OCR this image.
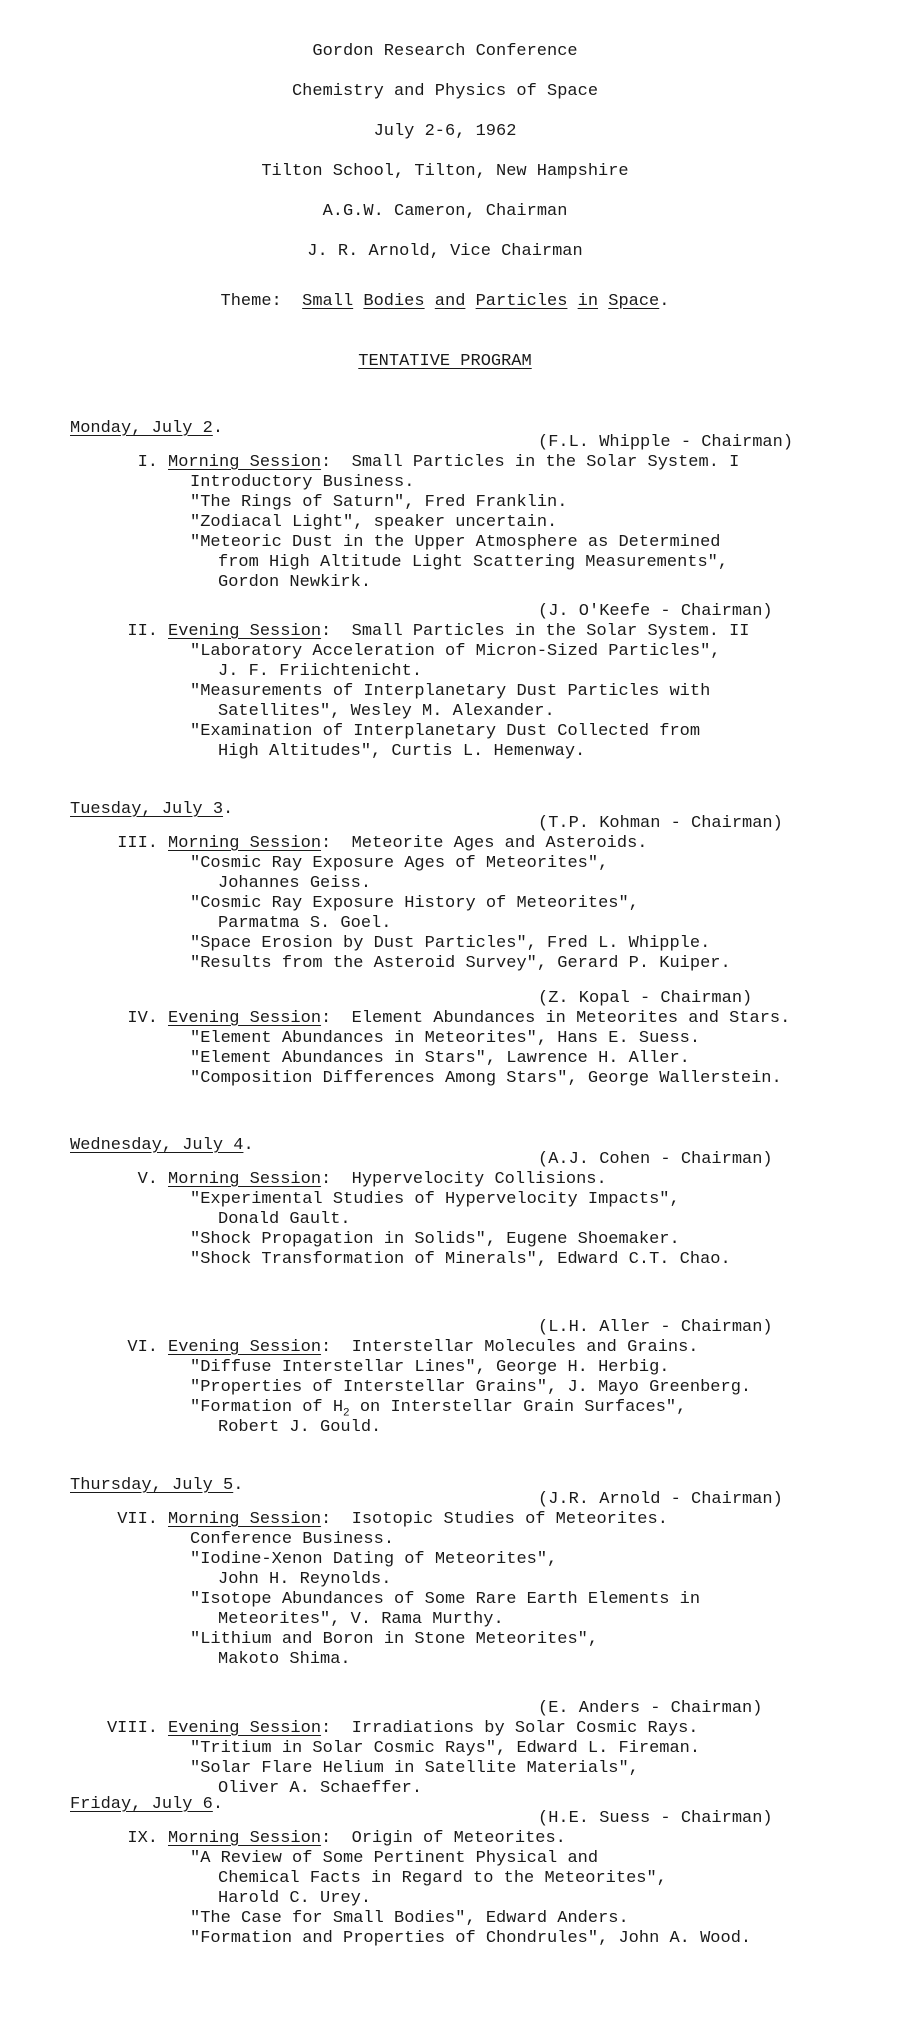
Gordon Research Conference
Chemistry and Physics of Space
July 2-6, 1962
Tilton School, Tilton, New Hampshire
A.G.W. Cameron, Chairman
J. R. Arnold, Vice Chairman
Theme: Small Bodies and Particles in Space.
TENTATIVE PROGRAM
Monday, July 2.
(F.L. Whipple - Chairman)
I. Morning Session: Small Particles in the Solar System. I
Introductory Business.
"The Rings of Saturn", Fred Franklin.
"Zodiacal Light", speaker uncertain.
"Meteoric Dust in the Upper Atmosphere as Determined
from High Altitude Light Scattering Measurements",
Gordon Newkirk.
(J. O'Keefe - Chairman)
II. Evening Session: Small Particles in the Solar System. II
"Laboratory Acceleration of Micron-Sized Particles",
J. F. Friichtenicht.
"Measurements of Interplanetary Dust Particles with
Satellites", Wesley M. Alexander.
"Examination of Interplanetary Dust Collected from
High Altitudes", Curtis L. Hemenway.
Tuesday, July 3.
(T.P. Kohman - Chairman)
III. Morning Session: Meteorite Ages and Asteroids.
"Cosmic Ray Exposure Ages of Meteorites",
Johannes Geiss.
"Cosmic Ray Exposure History of Meteorites",
Parmatma S. Goel.
"Space Erosion by Dust Particles", Fred L. Whipple.
"Results from the Asteroid Survey", Gerard P. Kuiper.
(Z. Kopal - Chairman)
IV. Evening Session: Element Abundances in Meteorites and Stars.
"Element Abundances in Meteorites", Hans E. Suess.
"Element Abundances in Stars", Lawrence H. Aller.
"Composition Differences Among Stars", George Wallerstein.
Wednesday, July 4.
(A.J. Cohen - Chairman)
V. Morning Session: Hypervelocity Collisions.
"Experimental Studies of Hypervelocity Impacts",
Donald Gault.
"Shock Propagation in Solids", Eugene Shoemaker.
"Shock Transformation of Minerals", Edward C.T. Chao.
(L.H. Aller - Chairman)
VI. Evening Session: Interstellar Molecules and Grains.
"Diffuse Interstellar Lines", George H. Herbig.
"Properties of Interstellar Grains", J. Mayo Greenberg.
"Formation of $H_2$ on Interstellar Grain Surfaces",
Robert J. Gould.
Thursday, July 5.
(J.R. Arnold - Chairman)
VII. Morning Session: Isotopic Studies of Meteorites.
Conference Business.
"Iodine-Xenon Dating of Meteorites",
John H. Reynolds.
"Isotope Abundances of Some Rare Earth Elements in
Meteorites", V. Rama Murthy.
"Lithium and Boron in Stone Meteorites",
Makoto Shima.
(E. Anders - Chairman)
VIII. Evening Session: Irradiations by Solar Cosmic Rays.
"Tritium in Solar Cosmic Rays", Edward L. Fireman.
"Solar Flare Helium in Satellite Materials",
Oliver A. Schaeffer.
Friday, July 6.
(H.E. Suess - Chairman)
IX. Morning Session: Origin of Meteorites.
"A Review of Some Pertinent Physical and
Chemical Facts in Regard to the Meteorites",
Harold C. Urey.
"The Case for Small Bodies", Edward Anders.
"Formation and Properties of Chondrules", John A. Wood.
